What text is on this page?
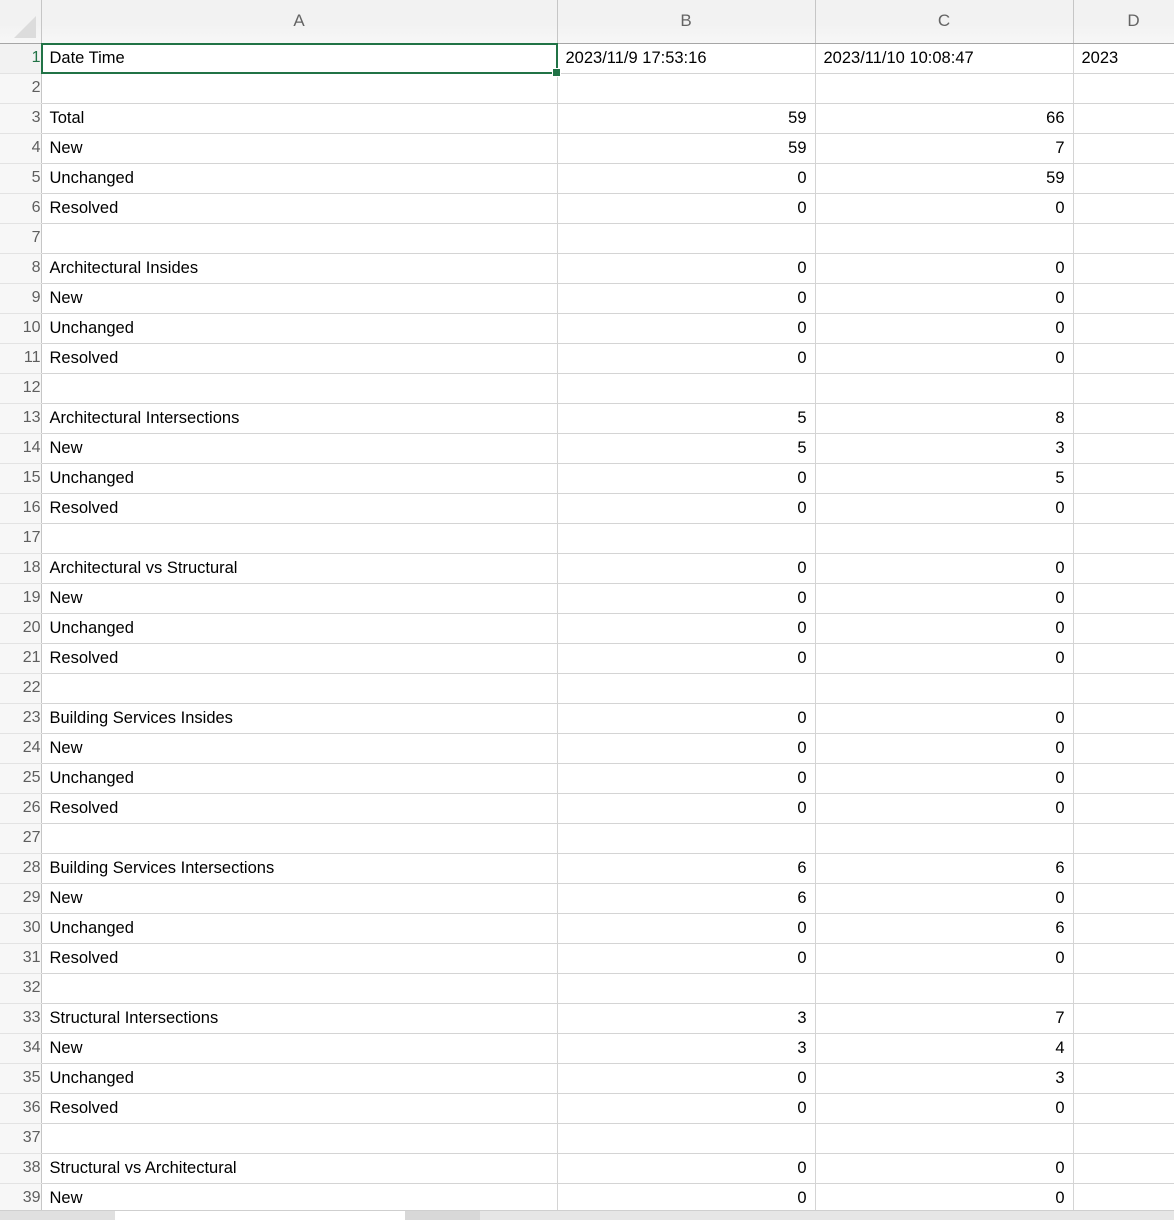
	A	B	C	D
1	Date Time	2023/11/9 17:53:16	2023/11/10 10:08:47	2023
2				
3	Total	59	66	
4	New	59	7	
5	Unchanged	0	59	
6	Resolved	0	0	
7				
8	Architectural Insides	0	0	
9	New	0	0	
10	Unchanged	0	0	
11	Resolved	0	0	
12				
13	Architectural Intersections	5	8	
14	New	5	3	
15	Unchanged	0	5	
16	Resolved	0	0	
17				
18	Architectural vs Structural	0	0	
19	New	0	0	
20	Unchanged	0	0	
21	Resolved	0	0	
22				
23	Building Services Insides	0	0	
24	New	0	0	
25	Unchanged	0	0	
26	Resolved	0	0	
27				
28	Building Services Intersections	6	6	
29	New	6	0	
30	Unchanged	0	6	
31	Resolved	0	0	
32				
33	Structural Intersections	3	7	
34	New	3	4	
35	Unchanged	0	3	
36	Resolved	0	0	
37				
38	Structural vs Architectural	0	0	
39	New	0	0	
